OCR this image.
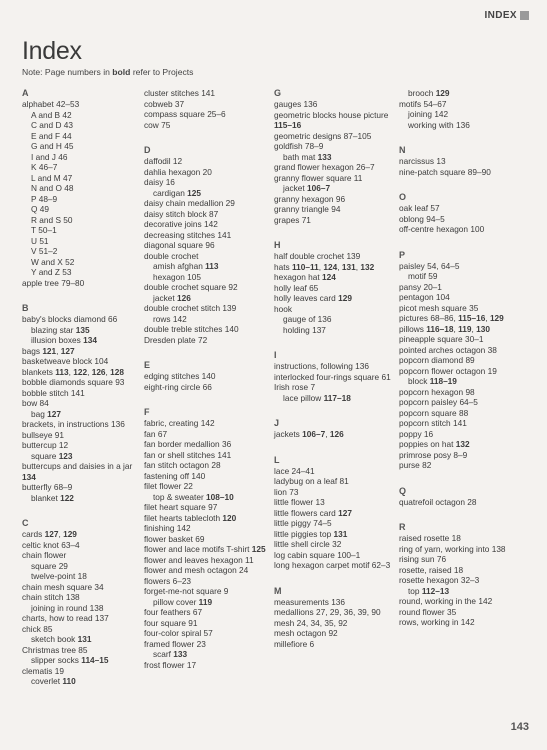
INDEX
Index

Note: Page numbers in bold refer to Projects

A
alphabet 42–53
A and B 42
C and D 43
E and F 44
G and H 45
I and J 46
K 46–7
L and M 47
N and O 48
P 48–9
Q 49
R and S 50
T 50–1
U 51
V 51–2
W and X 52
Y and Z 53
apple tree 79–80
B
baby's blocks diamond 66
blazing star 135
illusion boxes 134
bags 121, 127
basketweave block 104
blankets 113, 122, 126, 128
bobble diamonds square 93
bobble stitch 141
bow 84
bag 127
brackets, in instructions 136
bullseye 91
buttercup 12
square 123
buttercups and daisies in a jar 134
butterfly 68–9
blanket 122
C
cards 127, 129
celtic knot 63–4
chain flower
square 29
twelve-point 18
chain mesh square 34
chain stitch 138
joining in round 138
charts, how to read 137
chick 85
sketch book 131
Christmas tree 85
slipper socks 114–15
clematis 19
coverlet 110
cluster stitches 141
cobweb 37
compass square 25–6
cow 75
D
daffodil 12
dahlia hexagon 20
daisy 16
cardigan 125
daisy chain medallion 29
daisy stitch block 87
decorative joins 142
decreasing stitches 141
diagonal square 96
double crochet
amish afghan 113
hexagon 105
double crochet square 92
jacket 126
double crochet stitch 139
rows 142
double treble stitches 140
Dresden plate 72
E
edging stitches 140
eight-ring circle 66
F
fabric, creating 142
fan 67
fan border medallion 36
fan or shell stitches 141
fan stitch octagon 28
fastening off 140
filet flower 22
top & sweater 108–10
filet heart square 97
filet hearts tablecloth 120
finishing 142
flower basket 69
flower and lace motifs T-shirt 125
flower and leaves hexagon 11
flower and mesh octagon 24
flowers 6–23
forget-me-not square 9
pillow cover 119
four feathers 67
four square 91
four-color spiral 57
framed flower 23
scarf 133
frost flower 17
G
gauges 136
geometric blocks house picture 115–16
geometric designs 87–105
goldfish 78–9
bath mat 133
grand flower hexagon 26–7
granny flower square 11
jacket 106–7
granny hexagon 96
granny triangle 94
grapes 71
H
half double crochet 139
hats 110–11, 124, 131, 132
hexagon hat 124
holly leaf 65
holly leaves card 129
hook
gauge of 136
holding 137
I
instructions, following 136
interlocked four-rings square 61
Irish rose 7
lace pillow 117–18
J
jackets 106–7, 126
L
lace 24–41
ladybug on a leaf 81
lion 73
little flower 13
little flowers card 127
little piggy 74–5
little piggies top 131
little shell circle 32
log cabin square 100–1
long hexagon carpet motif 62–3
M
measurements 136
medallions 27, 29, 36, 39, 90
mesh 24, 34, 35, 92
mesh octagon 92
millefiore 6
brooch 129
motifs 54–67
joining 142
working with 136
N
narcissus 13
nine-patch square 89–90
O
oak leaf 57
oblong 94–5
off-centre hexagon 100
P
paisley 54, 64–5
motif 59
pansy 20–1
pentagon 104
picot mesh square 35
pictures 68–86, 115–16, 129
pillows 116–18, 119, 130
pineapple square 30–1
pointed arches octagon 38
popcorn diamond 89
popcorn flower octagon 19
block 118–19
popcorn hexagon 98
popcorn paisley 64–5
popcorn square 88
popcorn stitch 141
poppy 16
poppies on hat 132
primrose posy 8–9
purse 82
Q
quatrefoil octagon 28
R
raised rosette 18
ring of yarn, working into 138
rising sun 76
rosette, raised 18
rosette hexagon 32–3
top 112–13
round, working in the 142
round flower 35
rows, working in 142
143
